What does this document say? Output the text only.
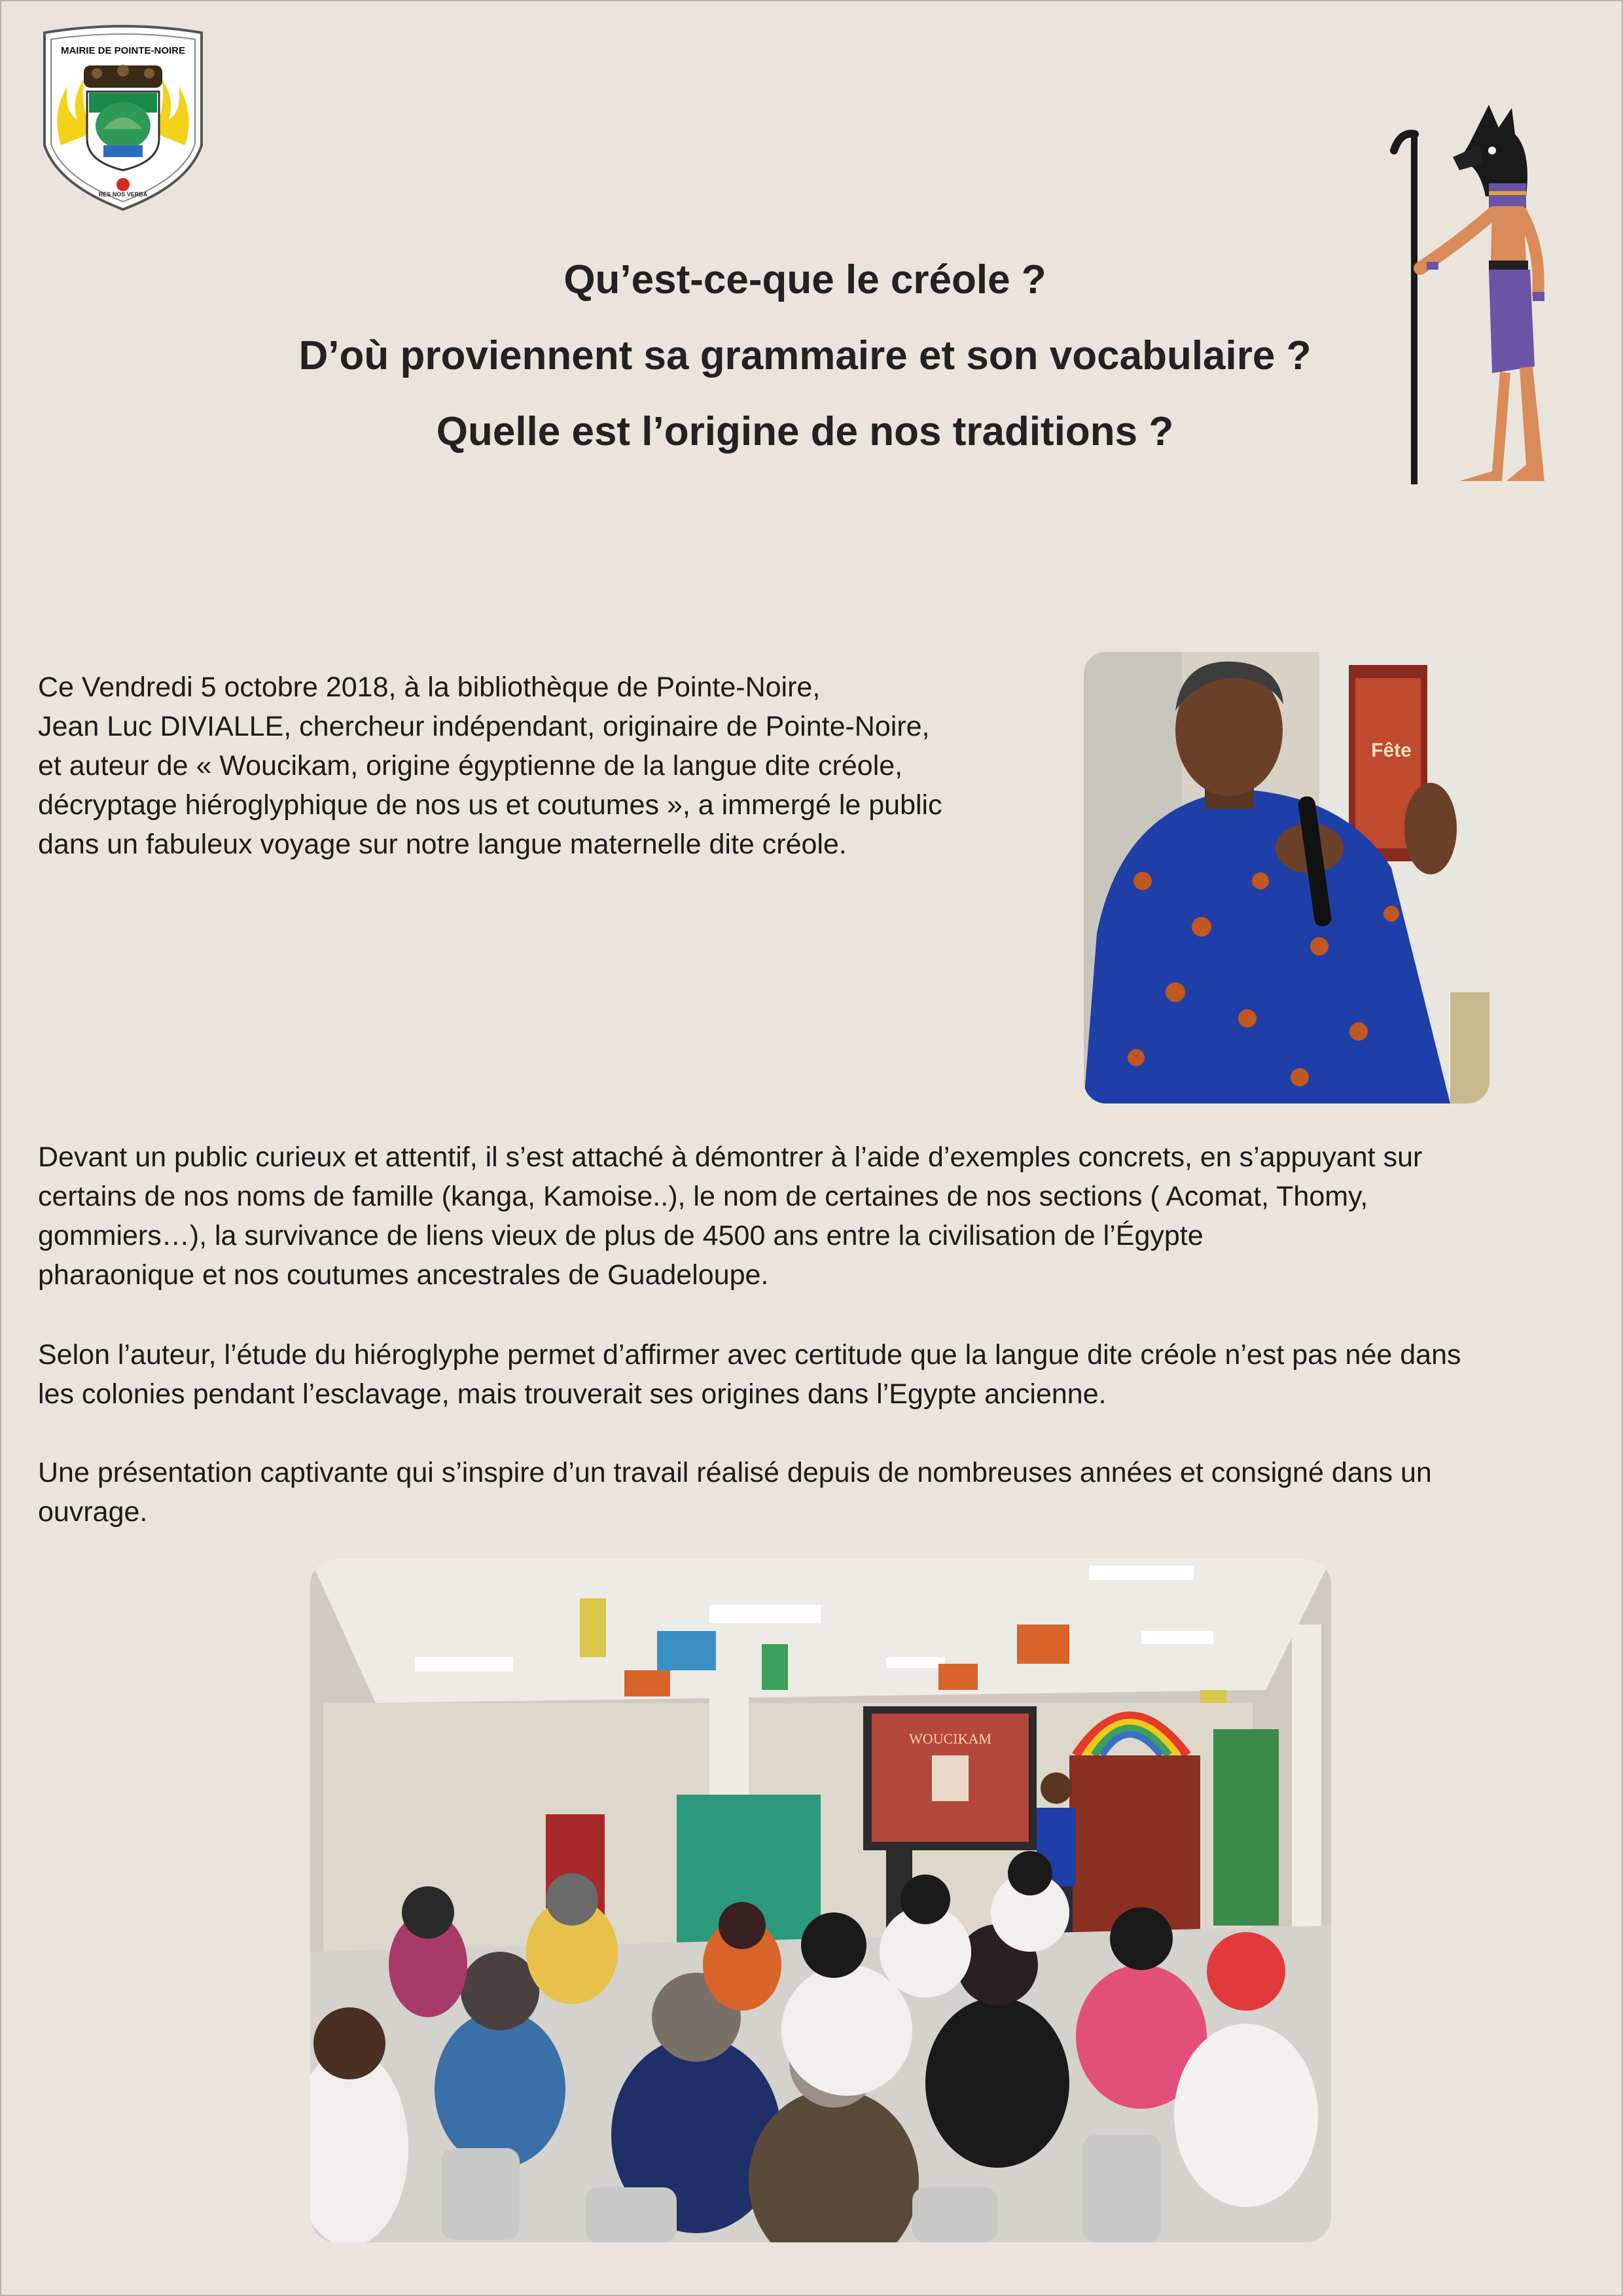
MAIRIE DE POINTE-NOIRE
RES NOS VERBA
Qu’est-ce-que le créole ?
D’où proviennent sa grammaire et son vocabulaire ?
Quelle est l’origine de nos traditions ?
Ce Vendredi 5 octobre 2018, à la bibliothèque de Pointe-Noire,
Jean Luc DIVIALLE, chercheur indépendant, originaire de Pointe-Noire,
et auteur de « Woucikam, origine égyptienne de la langue dite créole,
décryptage hiéroglyphique de nos us et coutumes », a immergé le public
dans un fabuleux voyage sur notre langue maternelle dite créole.
Fête
Devant un public curieux et attentif, il s’est attaché à démontrer à l’aide d’exemples concrets, en s’appuyant sur
certains de nos noms de famille (kanga, Kamoise..), le nom de certaines de nos sections ( Acomat, Thomy,
gommiers…), la survivance de liens vieux de plus de 4500 ans entre la civilisation de l’Égypte
pharaonique et nos coutumes ancestrales de Guadeloupe.
Selon l’auteur, l’étude du hiéroglyphe permet d’affirmer avec certitude que la langue dite créole n’est pas née dans
les colonies pendant l’esclavage, mais trouverait ses origines dans l’Egypte ancienne.
Une présentation captivante qui s’inspire d’un travail réalisé depuis de nombreuses années et consigné dans un
ouvrage.
WOUCIKAM
